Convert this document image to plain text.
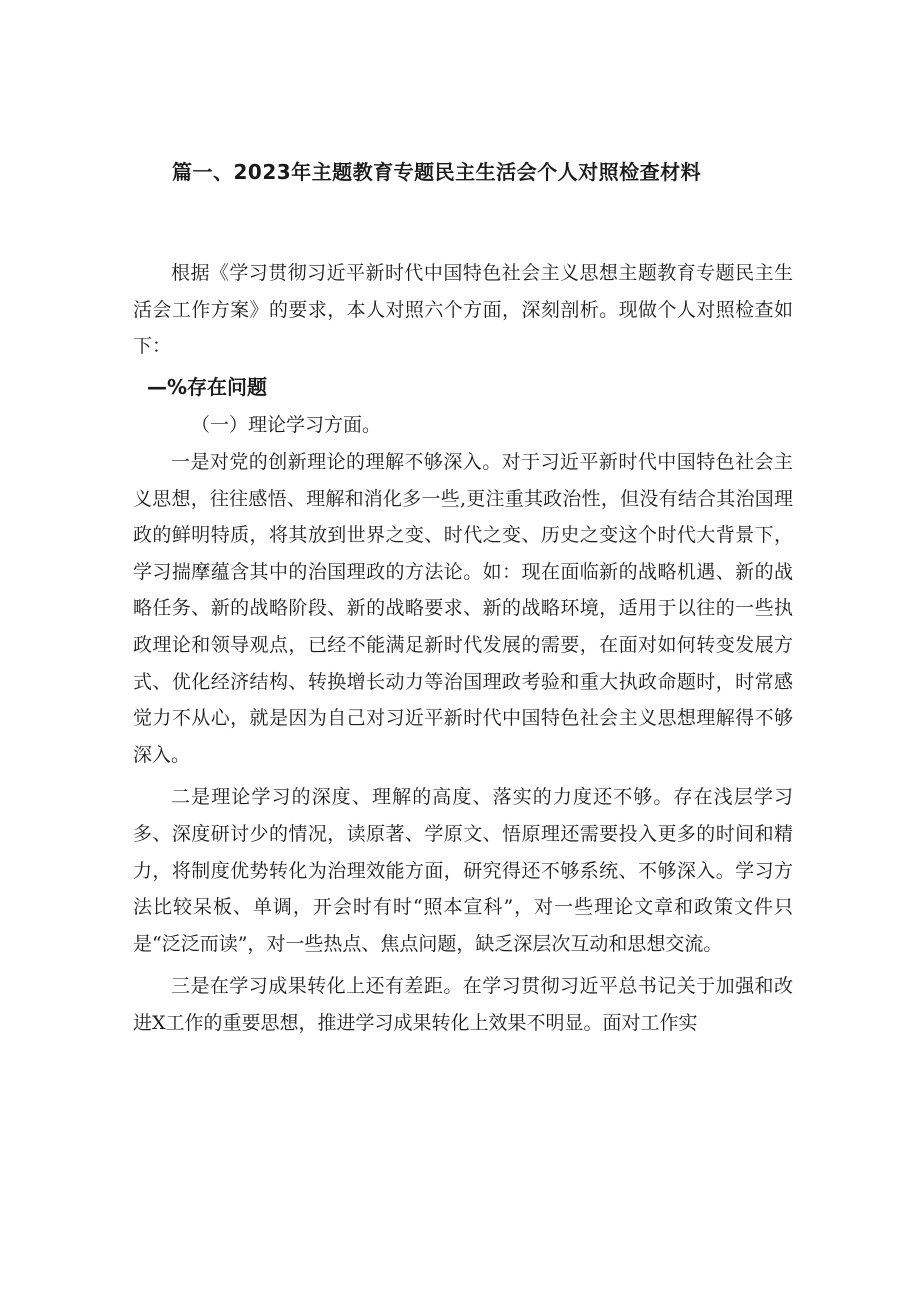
篇一、2023年主题教育专题民主生活会个人对照检查材料

根据《学习贯彻习近平新时代中国特色社会主义思想主题教育专题民主生活会工作方案》的要求，本人对照六个方面，深刻剖析。现做个人对照检查如下：

—%存在问题

（一）理论学习方面。

一是对党的创新理论的理解不够深入。对于习近平新时代中国特色社会主义思想，往往感悟、理解和消化多一些,更注重其政治性，但没有结合其治国理政的鲜明特质，将其放到世界之变、时代之变、历史之变这个时代大背景下，学习揣摩蕴含其中的治国理政的方法论。如：现在面临新的战略机遇、新的战略任务、新的战略阶段、新的战略要求、新的战略环境，适用于以往的一些执政理论和领导观点，已经不能满足新时代发展的需要，在面对如何转变发展方式、优化经济结构、转换增长动力等治国理政考验和重大执政命题时，时常感觉力不从心，就是因为自己对习近平新时代中国特色社会主义思想理解得不够深入。

二是理论学习的深度、理解的高度、落实的力度还不够。存在浅层学习多、深度研讨少的情况，读原著、学原文、悟原理还需要投入更多的时间和精力，将制度优势转化为治理效能方面，研究得还不够系统、不够深入。学习方法比较呆板、单调，开会时有时“照本宣科”，对一些理论文章和政策文件只是“泛泛而读”，对一些热点、焦点问题，缺乏深层次互动和思想交流。

三是在学习成果转化上还有差距。在学习贯彻习近平总书记关于加强和改进X工作的重要思想，推进学习成果转化上效果不明显。面对工作实
